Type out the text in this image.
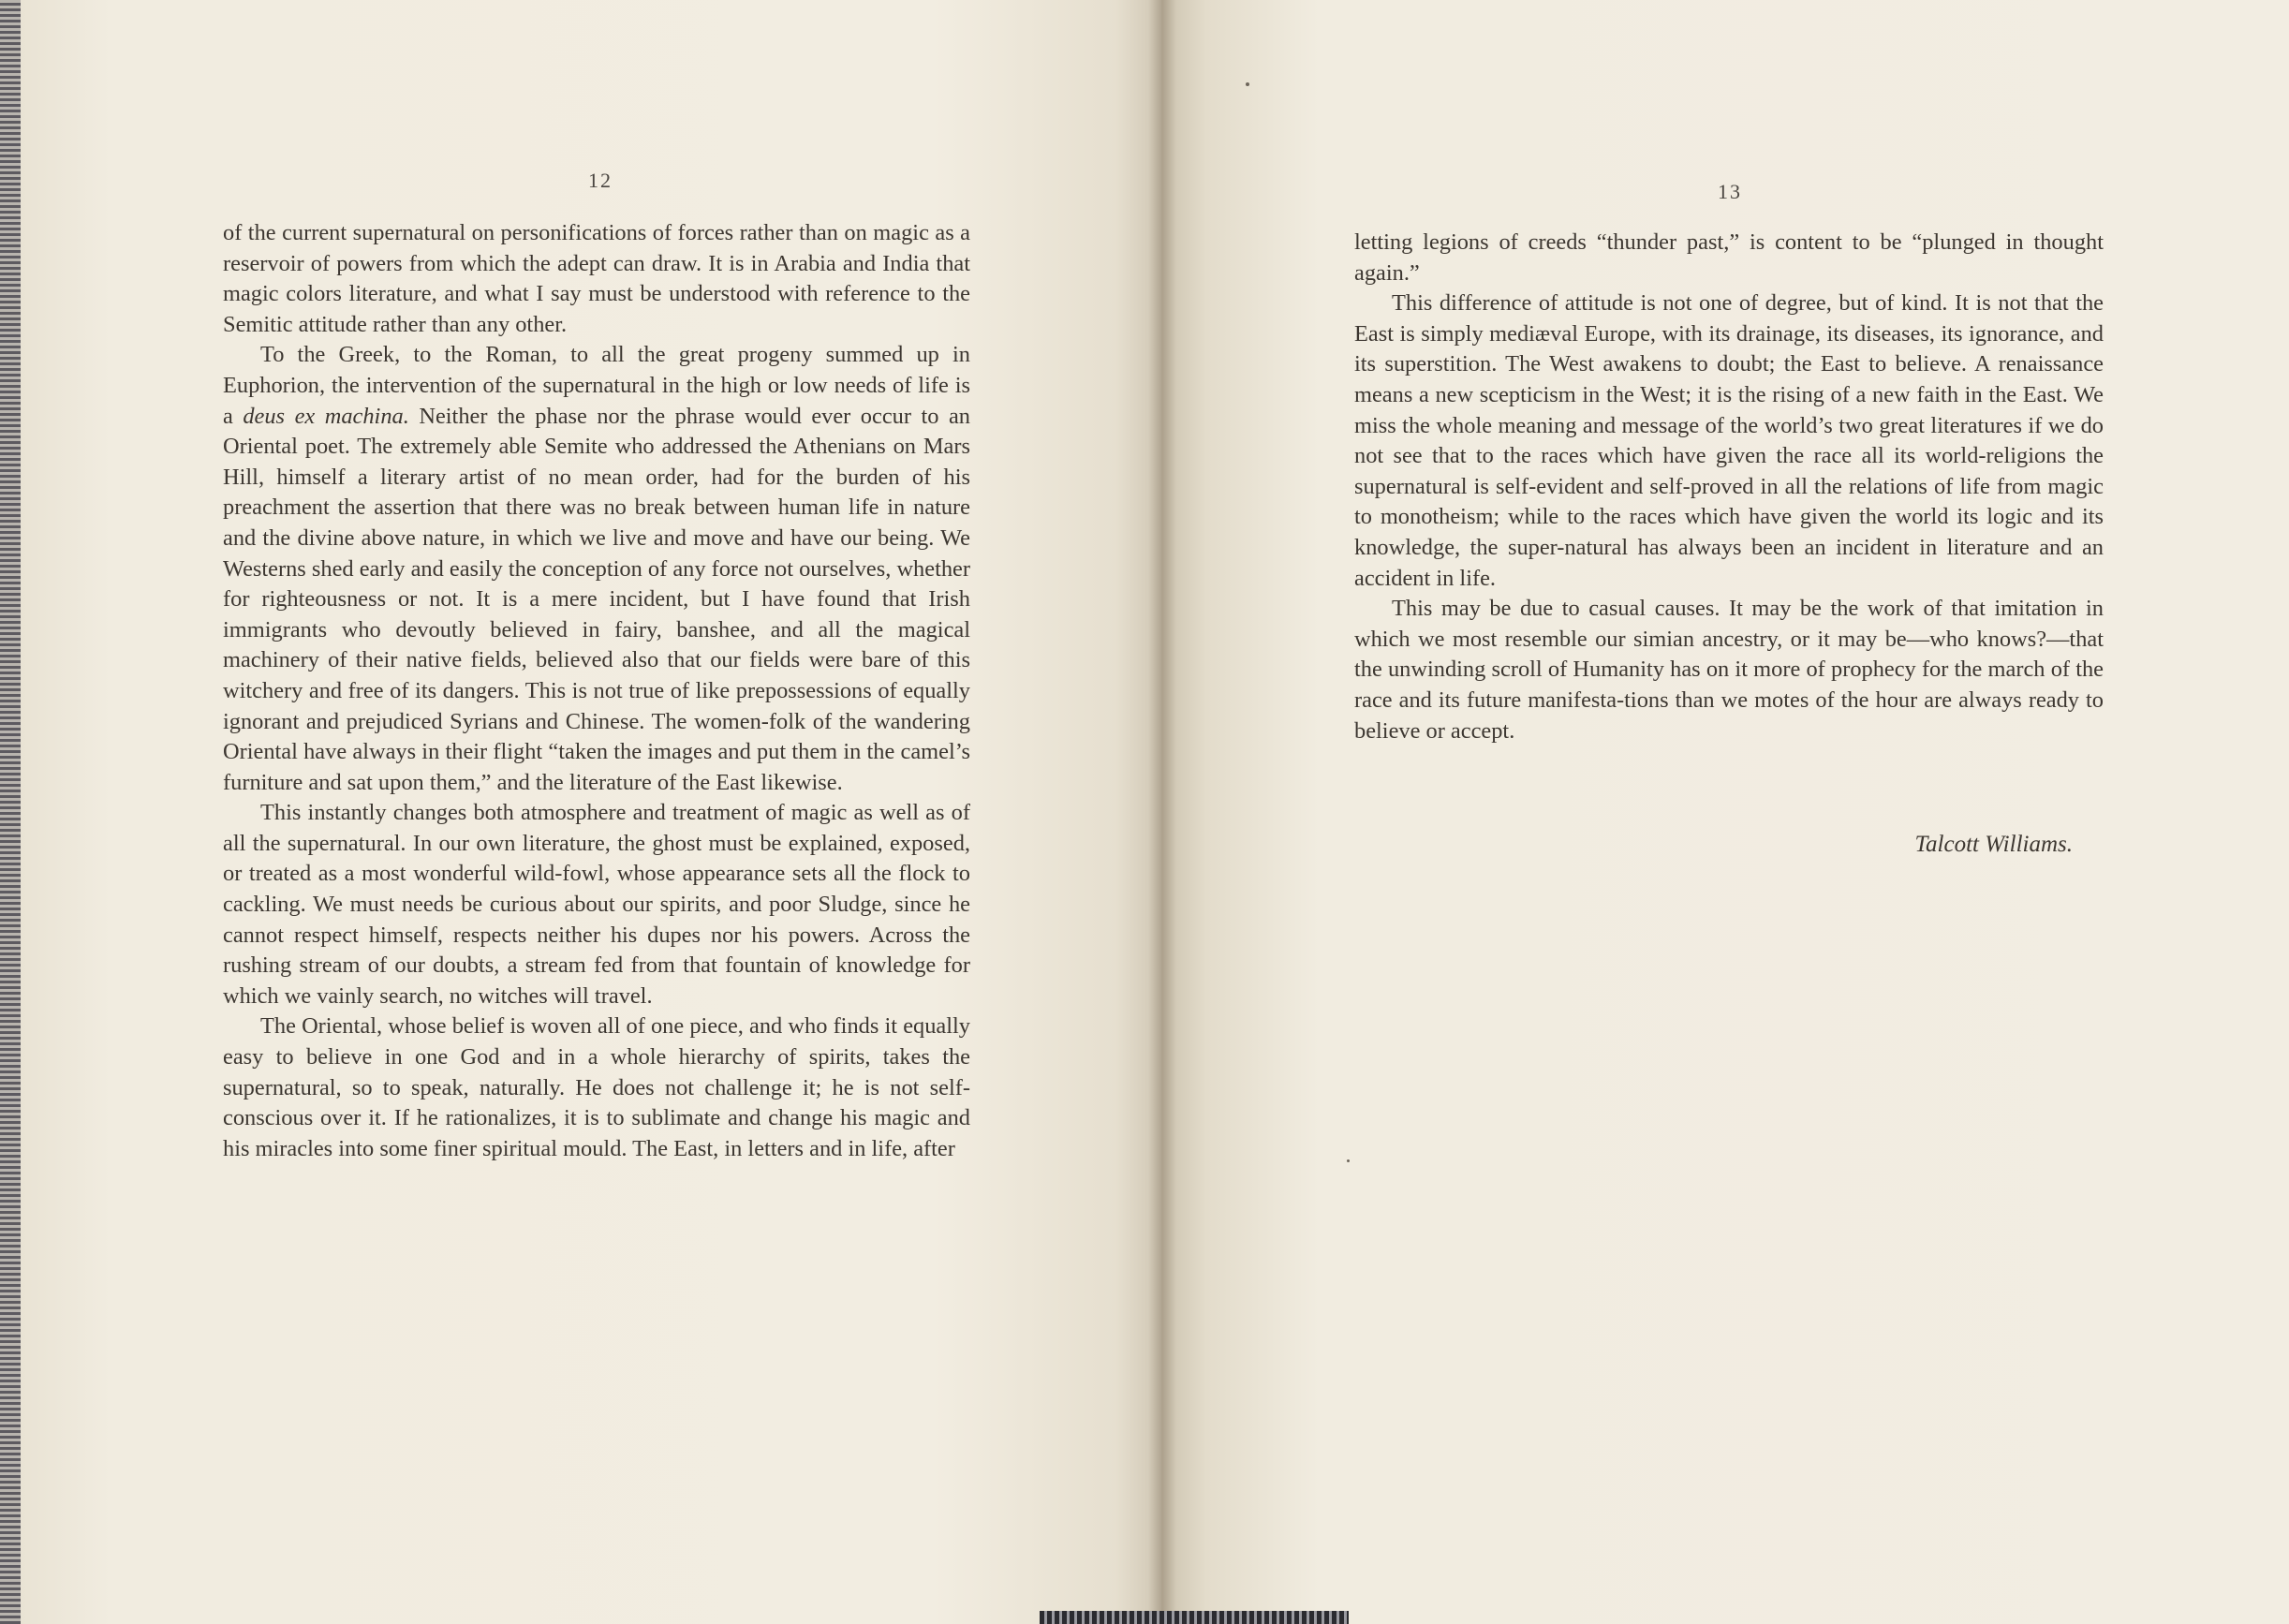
12	13

of the current supernatural on personifications of forces rather than on magic as a reservoir of powers from which the adept can draw. It is in Arabia and India that magic colors literature, and what I say must be understood with reference to the Semitic attitude rather than any other.

To the Greek, to the Roman, to all the great progeny summed up in Euphorion, the intervention of the supernatural in the high or low needs of life is a deus ex machina. Neither the phase nor the phrase would ever occur to an Oriental poet. The extremely able Semite who addressed the Athenians on Mars Hill, himself a literary artist of no mean order, had for the burden of his preachment the assertion that there was no break between human life in nature and the divine above nature, in which we live and move and have our being. We Westerns shed early and easily the conception of any force not ourselves, whether for righteousness or not. It is a mere incident, but I have found that Irish immigrants who devoutly believed in fairy, banshee, and all the magical machinery of their native fields, believed also that our fields were bare of this witchery and free of its dangers. This is not true of like prepossessions of equally ignorant and prejudiced Syrians and Chinese. The women-folk of the wandering Oriental have always in their flight “taken the images and put them in the camel’s furniture and sat upon them,” and the literature of the East likewise.

This instantly changes both atmosphere and treatment of magic as well as of all the supernatural. In our own literature, the ghost must be explained, exposed, or treated as a most wonderful wild-fowl, whose appearance sets all the flock to cackling. We must needs be curious about our spirits, and poor Sludge, since he cannot respect himself, respects neither his dupes nor his powers. Across the rushing stream of our doubts, a stream fed from that fountain of knowledge for which we vainly search, no witches will travel.

The Oriental, whose belief is woven all of one piece, and who finds it equally easy to believe in one God and in a whole hierarchy of spirits, takes the supernatural, so to speak, naturally. He does not challenge it; he is not self-conscious over it. If he rationalizes, it is to sublimate and change his magic and his miracles into some finer spiritual mould. The East, in letters and in life, after

letting legions of creeds “thunder past,” is content to be “plunged in thought again.”

This difference of attitude is not one of degree, but of kind. It is not that the East is simply mediæval Europe, with its drainage, its diseases, its ignorance, and its superstition. The West awakens to doubt; the East to believe. A renaissance means a new scepticism in the West; it is the rising of a new faith in the East. We miss the whole meaning and message of the world’s two great literatures if we do not see that to the races which have given the race all its world-religions the supernatural is self-evident and self-proved in all the relations of life from magic to monotheism; while to the races which have given the world its logic and its knowledge, the super-natural has always been an incident in literature and an accident in life.

This may be due to casual causes. It may be the work of that imitation in which we most resemble our simian ancestry, or it may be—who knows?—that the unwinding scroll of Humanity has on it more of prophecy for the march of the race and its future manifesta-tions than we motes of the hour are always ready to believe or accept.

Talcott Williams.
